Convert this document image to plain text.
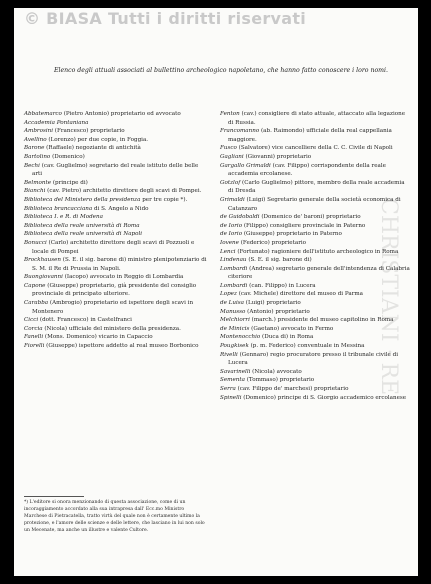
© BIASA Tutti i diritti riservati
CHRISTIANI · RE
Elenco degli attuali associati al bullettino archeologico napoletano, che hanno fatto conoscere i loro nomi.

Abbatemarco (Pietro Antonio) proprietario ed avvocato

Accademia Pontaniana

Ambrosini (Francesco) proprietario

Avellino (Lorenzo) per due copie, in Foggia.

Barone (Raffaele) negoziante di antichità

Bartolino (Domenico)

Bechi (cav. Guglielmo) segretario del reale istituto delle belle arti

Belmonte (principe di)

Bianchi (cav. Pietro) architetto direttore degli scavi di Pompei.

Biblioteca del Ministero della presidenza per tre copie *).

Biblioteca brancacciana di S. Angelo a Nido

Biblioteca I. e R. di Modena

Biblioteca della reale università di Roma

Biblioteca della reale università di Napoli

Bonucci (Carlo) architetto direttore degli scavi di Pozzuoli e locale di Pompei

Brockhausen (S. E. il sig. barone di) ministro plenipotenziario di S. M. il Re di Prussia in Napoli.

Buongiovanni (Iacopo) avvocato in Reggio di Lombardia

Capone (Giuseppe) proprietario, già presidente del consiglio provinciale di principato ulteriore.

Carabba (Ambrogio) proprietario ed ispettore degli scavi in Montenero

Cicci (dott. Francesco) in Castelfranci

Corcia (Nicola) ufficiale del ministero della presidenza.

Fanelli (Mons. Domenico) vicario in Capaccio

Fiorelli (Giuseppe) ispettore addetto al real museo Borbonico

Fenton (cav.) consigliere di stato attuale, attaccato alla legazione di Russia.

Francomanno (ab. Raimondo) ufficiale della real cappellania maggiore.

Fusco (Salvatore) vice cancelliere della C. C. Civile di Napoli

Gagliani (Giovanni) proprietario

Gargallo Grimaldi (cav. Filippo) corrispondente della reale accademia ercolanese.

Gotzlof (Carlo Guglielmo) pittore, membro della reale accademia di Dresda

Grimaldi (Luigi) Segretario generale della società economica di Catanzaro

de Guidobaldi (Domenico de' baroni) proprietario

de Iorio (Filippo) consigliere provinciale in Paterno

de Iorio (Giuseppe) proprietario in Paterno

Iovene (Federico) proprietario

Lenci (Fortunato) ragioniere dell'istituto archeologico in Roma

Lindenau (S. E. il sig. barone di)

Lombardi (Andrea) segretario generale dell'intendenza di Calabria citeriore

Lombardi (can. Filippo) in Lucera

Lopez (cav. Michele) direttore del museo di Parma

de Luisa (Luigi) proprietario

Manusso (Antonio) proprietario

Melchiorri (march.) presidente del museo capitolino in Roma

de Minicis (Gaetano) avvocato in Fermo

Montenocchio (Duca di) in Roma

Pougkisek (p. m. Federico) conventuale in Messina

Rivelli (Gennaro) regio procuratore presso il tribunale civile di Lucera

Savarinelli (Nicola) avvocato

Sementa (Tommaso) proprietario

Serra (cav. Filippo de' marchesi) proprietario

Spinelli (Domenico) principe di S. Giorgio accademico ercolanese

*) L'editore si onora menzionando di questa associazione, come di un incoraggiamento accordato alla sua intrapresa dall' Ecc.mo Ministro Marchese di Pietracatella, tratto virtù del quale non è certamente ultimo la protezione, e l'amore delle scienze e delle lettere, che lasciano in lui non solo un Mecenate, ma anche un illustre e valente Cultore.
